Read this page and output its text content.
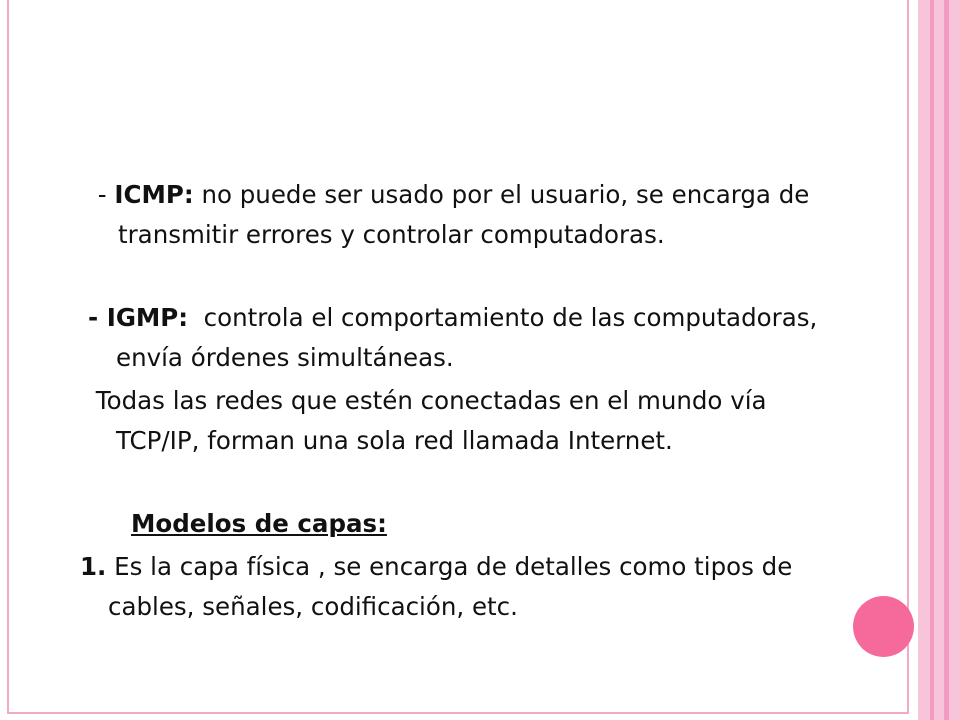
- ICMP: no puede ser usado por el usuario, se encarga de transmitir errores y controlar computadoras.
- IGMP:  controla el comportamiento de las computadoras, envía órdenes simultáneas.
Todas las redes que estén conectadas en el mundo vía TCP/IP, forman una sola red llamada Internet.
Modelos de capas:
1. Es la capa física , se encarga de detalles como tipos de cables, señales, codificación, etc.
